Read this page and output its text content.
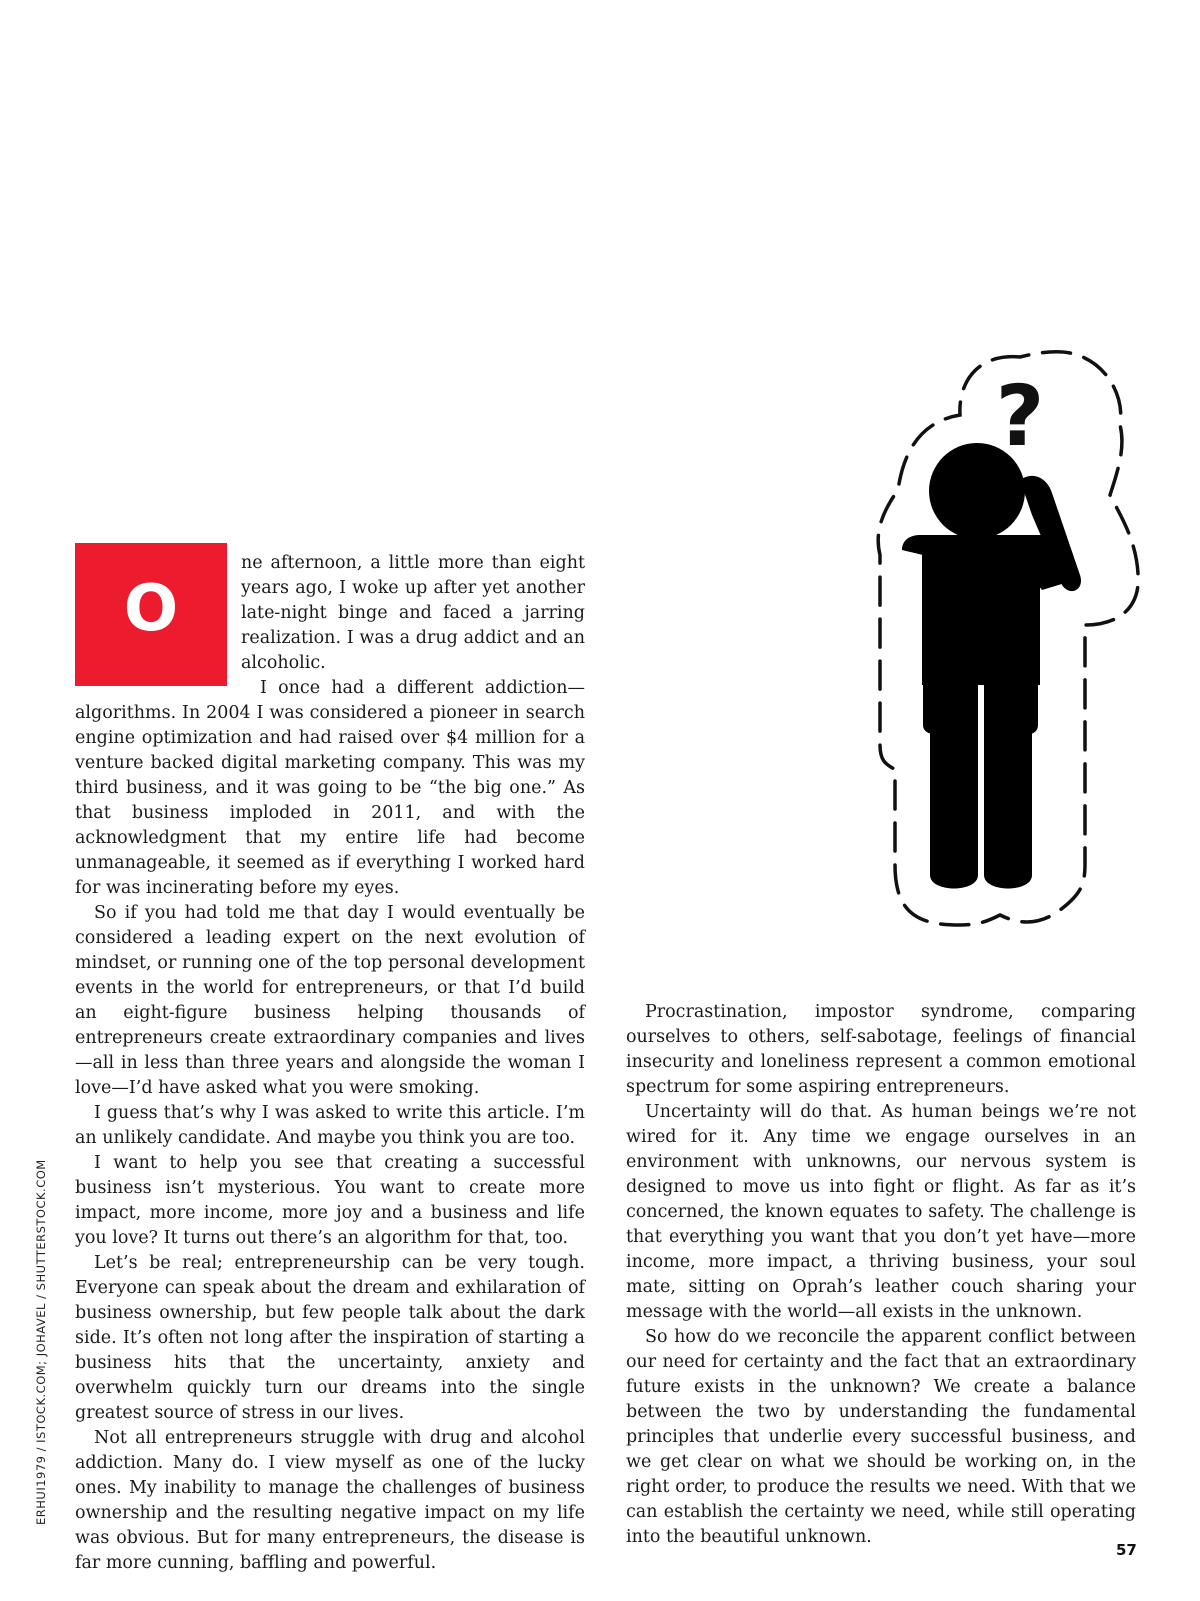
O

ne afternoon, a little more than eight years ago, I woke up after yet another late-night binge and faced a jarring realization. I was a drug addict and an alcoholic.

I once had a different addiction—algorithms. In 2004 I was considered a pioneer in search engine optimization and had raised over $4 million for a venture backed digital marketing company. This was my third business, and it was going to be “the big one.” As that business imploded in 2011, and with the acknowledgment that my entire life had become unmanageable, it seemed as if everything I worked hard for was incinerating before my eyes.

So if you had told me that day I would eventually be considered a leading expert on the next evolution of mindset, or running one of the top personal development events in the world for entrepreneurs, or that I’d build an eight-figure business helping thousands of entrepreneurs create extraordinary companies and lives—all in less than three years and alongside the woman I love—I’d have asked what you were smoking.

I guess that’s why I was asked to write this article. I’m an unlikely candidate. And maybe you think you are too.

I want to help you see that creating a successful business isn’t mysterious. You want to create more impact, more income, more joy and a business and life you love? It turns out there’s an algorithm for that, too.

Let’s be real; entrepreneurship can be very tough. Everyone can speak about the dream and exhilaration of business ownership, but few people talk about the dark side. It’s often not long after the inspiration of starting a business hits that the uncertainty, anxiety and overwhelm quickly turn our dreams into the single greatest source of stress in our lives.

Not all entrepreneurs struggle with drug and alcohol addiction. Many do. I view myself as one of the lucky ones. My inability to manage the challenges of business ownership and the resulting negative impact on my life was obvious. But for many entrepreneurs, the disease is far more cunning, baffling and powerful.

Procrastination, impostor syndrome, comparing ourselves to others, self-sabotage, feelings of financial insecurity and loneliness represent a common emotional spectrum for some aspiring entrepreneurs.

Uncertainty will do that. As human beings we’re not wired for it. Any time we engage ourselves in an environment with unknowns, our nervous system is designed to move us into fight or flight. As far as it’s concerned, the known equates to safety. The challenge is that everything you want that you don’t yet have—more income, more impact, a thriving business, your soul mate, sitting on Oprah’s leather couch sharing your message with the world—all exists in the unknown.

So how do we reconcile the apparent conflict between our need for certainty and the fact that an extraordinary future exists in the unknown? We create a balance between the two by understanding the fundamental principles that underlie every successful business, and we get clear on what we should be working on, in the right order, to produce the results we need. With that we can establish the certainty we need, while still operating into the beautiful unknown.

?
ERHUI1979 / ISTOCK.COM; JOHAVEL / SHUTTERSTOCK.COM
57
